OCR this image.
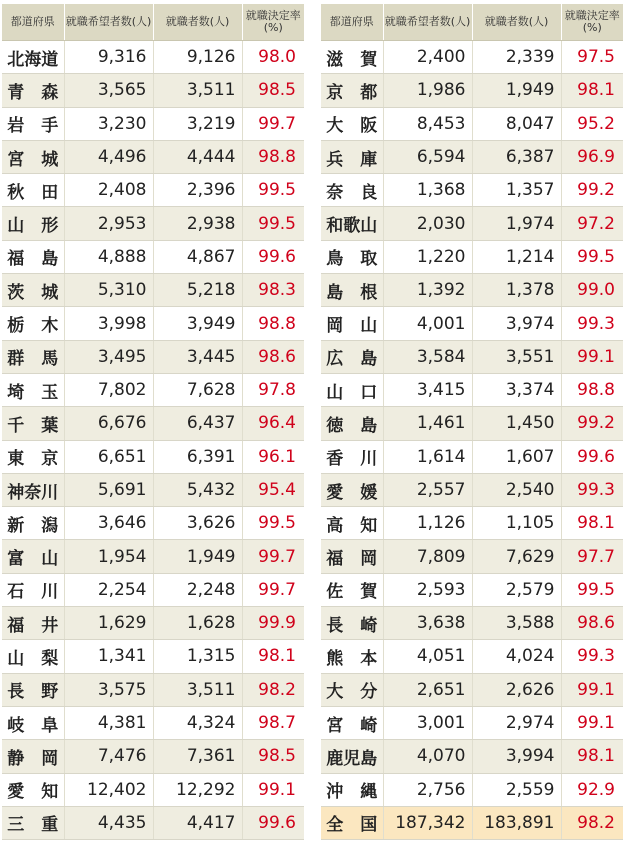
都道府県	就職希望者数(人)	就職者数(人)	就職決定率
(%)
北海道	9,316	9,126	98.0
青　森	3,565	3,511	98.5
岩　手	3,230	3,219	99.7
宮　城	4,496	4,444	98.8
秋　田	2,408	2,396	99.5
山　形	2,953	2,938	99.5
福　島	4,888	4,867	99.6
茨　城	5,310	5,218	98.3
栃　木	3,998	3,949	98.8
群　馬	3,495	3,445	98.6
埼　玉	7,802	7,628	97.8
千　葉	6,676	6,437	96.4
東　京	6,651	6,391	96.1
神奈川	5,691	5,432	95.4
新　潟	3,646	3,626	99.5
富　山	1,954	1,949	99.7
石　川	2,254	2,248	99.7
福　井	1,629	1,628	99.9
山　梨	1,341	1,315	98.1
長　野	3,575	3,511	98.2
岐　阜	4,381	4,324	98.7
静　岡	7,476	7,361	98.5
愛　知	12,402	12,292	99.1
三　重	4,435	4,417	99.6
都道府県	就職希望者数(人)	就職者数(人)	就職決定率
(%)
滋　賀	2,400	2,339	97.5
京　都	1,986	1,949	98.1
大　阪	8,453	8,047	95.2
兵　庫	6,594	6,387	96.9
奈　良	1,368	1,357	99.2
和歌山	2,030	1,974	97.2
鳥　取	1,220	1,214	99.5
島　根	1,392	1,378	99.0
岡　山	4,001	3,974	99.3
広　島	3,584	3,551	99.1
山　口	3,415	3,374	98.8
徳　島	1,461	1,450	99.2
香　川	1,614	1,607	99.6
愛　媛	2,557	2,540	99.3
高　知	1,126	1,105	98.1
福　岡	7,809	7,629	97.7
佐　賀	2,593	2,579	99.5
長　崎	3,638	3,588	98.6
熊　本	4,051	4,024	99.3
大　分	2,651	2,626	99.1
宮　崎	3,001	2,974	99.1
鹿児島	4,070	3,994	98.1
沖　縄	2,756	2,559	92.9
全　国	187,342	183,891	98.2
